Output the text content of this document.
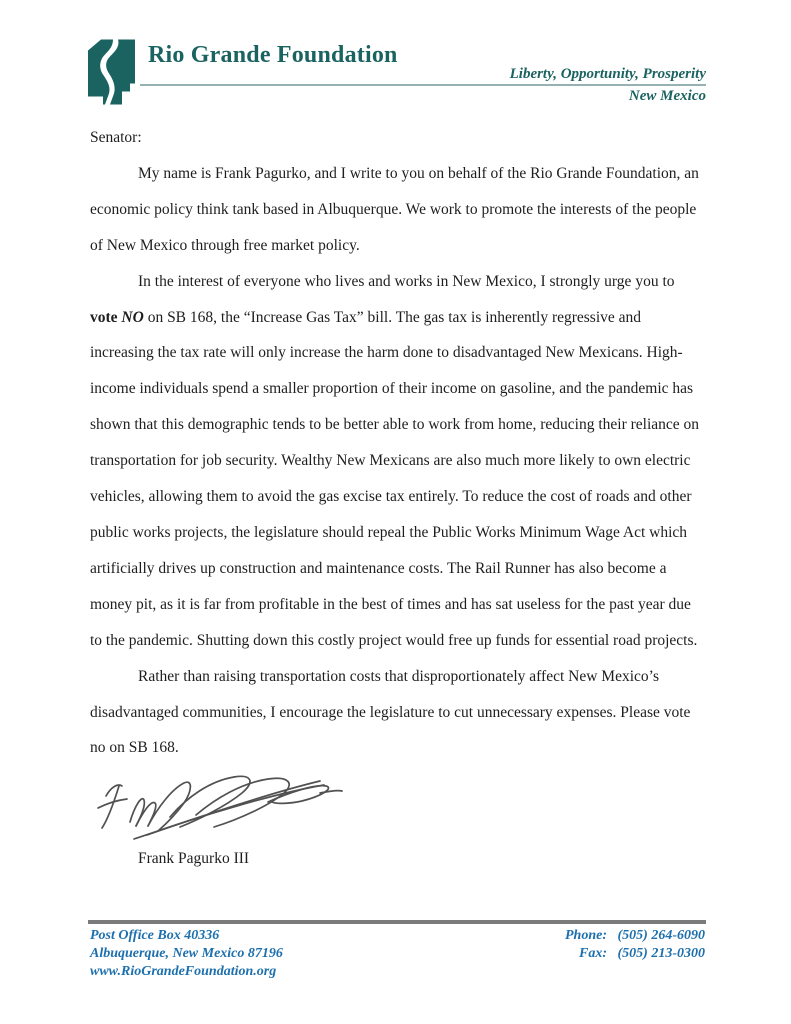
Rio Grande Foundation

Liberty, Opportunity, Prosperity

New Mexico

Senator:

My name is Frank Pagurko, and I write to you on behalf of the Rio Grande Foundation, an economic policy think tank based in Albuquerque. We work to promote the interests of the people of New Mexico through free market policy.

In the interest of everyone who lives and works in New Mexico, I strongly urge you to vote NO on SB 168, the “Increase Gas Tax” bill. The gas tax is inherently regressive and increasing the tax rate will only increase the harm done to disadvantaged New Mexicans. High-income individuals spend a smaller proportion of their income on gasoline, and the pandemic has shown that this demographic tends to be better able to work from home, reducing their reliance on transportation for job security. Wealthy New Mexicans are also much more likely to own electric vehicles, allowing them to avoid the gas excise tax entirely. To reduce the cost of roads and other public works projects, the legislature should repeal the Public Works Minimum Wage Act which artificially drives up construction and maintenance costs. The Rail Runner has also become a money pit, as it is far from profitable in the best of times and has sat useless for the past year due to the pandemic. Shutting down this costly project would free up funds for essential road projects.

Rather than raising transportation costs that disproportionately affect New Mexico’s disadvantaged communities, I encourage the legislature to cut unnecessary expenses. Please vote no on SB 168.

Frank Pagurko III

Post Office Box 40336
Albuquerque, New Mexico 87196
www.RioGrandeFoundation.org
Phone: (505) 264-6090
Fax: (505) 213-0300
